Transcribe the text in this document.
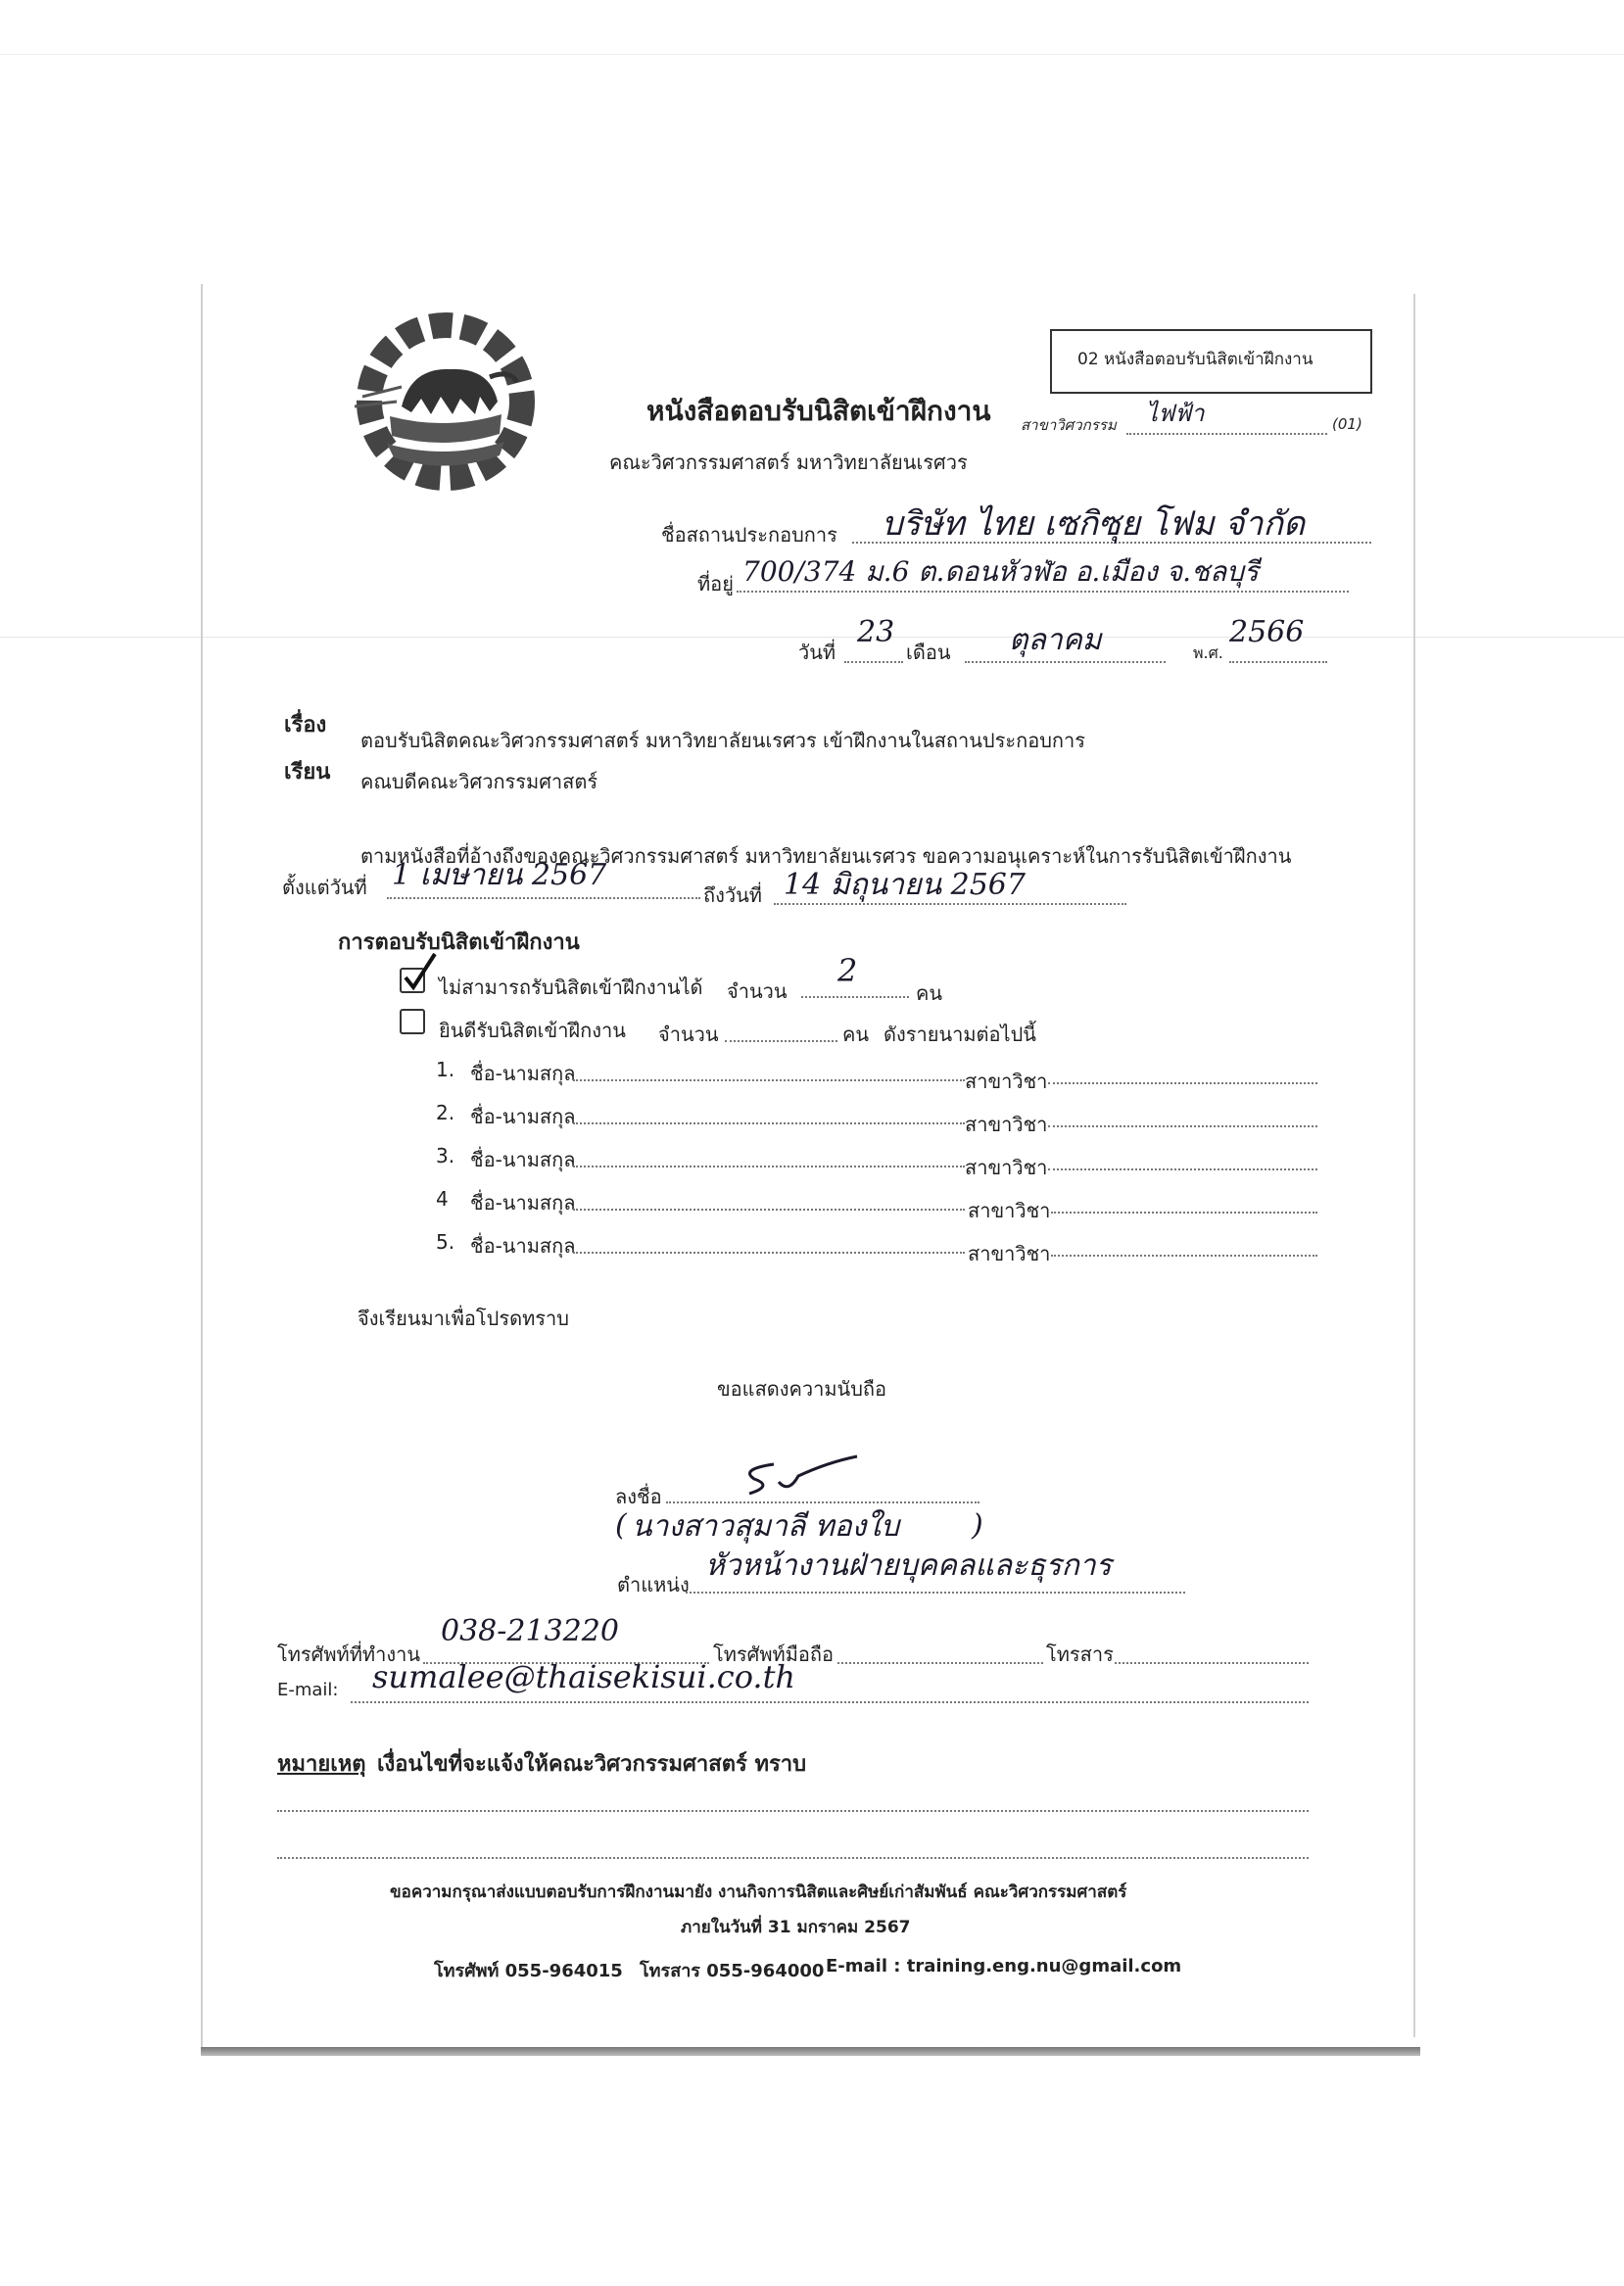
หนังสือตอบรับนิสิตเข้าฝึกงาน
คณะวิศวกรรมศาสตร์ มหาวิทยาลัยนเรศวร
02 หนังสือตอบรับนิสิตเข้าฝึกงาน
สาขาวิศวกรรม ไฟฟ้า	(01)
ชื่อสถานประกอบการ บริษัท ไทย เซกิซุย โฟม จำกัด
ที่อยู่ 700/374 ม.6 ต.ดอนหัวฬ่อ อ.เมือง จ.ชลบุรี
วันที่
23
เดือน ตุลาคม	พ.ศ.
2566
เรื่อง
ตอบรับนิสิตคณะวิศวกรรมศาสตร์ มหาวิทยาลัยนเรศวร เข้าฝึกงานในสถานประกอบการ
เรียน คณบดีคณะวิศวกรรมศาสตร์
ตามหนังสือที่อ้างถึงของคณะวิศวกรรมศาสตร์ มหาวิทยาลัยนเรศวร ขอความอนุเคราะห์ในการรับนิสิตเข้าฝึกงาน
ตั้งแต่วันที่ 1 เมษายน 2567
ถึงวันที่ 14 มิถุนายน 2567
การตอบรับนิสิตเข้าฝึกงาน
ไม่สามารถรับนิสิตเข้าฝึกงานได้ จำนวน
2
คน
ยินดีรับนิสิตเข้าฝึกงาน จำนวน	คน ดังรายนามต่อไปนี้
1. ชื่อ-นามสกุล	สาขาวิชา
2. ชื่อ-นามสกุล	สาขาวิชา
3. ชื่อ-นามสกุล	สาขาวิชา
4 ชื่อ-นามสกุล	สาขาวิชา
5. ชื่อ-นามสกุล	สาขาวิชา
จึงเรียนมาเพื่อโปรดทราบ
ขอแสดงความนับถือ
ลงชื่อ
( นางสาวสุมาลี ทองใบ )
ตำแหน่ง
หัวหน้างานฝ่ายบุคคลและธุรการ
โทรศัพท์ที่ทำงาน
038-213220
โทรศัพท์มือถือ	โทรสาร
E-mail: sumalee@thaisekisui.co.th
หมายเหตุ เงื่อนไขที่จะแจ้งให้คณะวิศวกรรมศาสตร์ ทราบ
ขอความกรุณาส่งแบบตอบรับการฝึกงานมายัง งานกิจการนิสิตและศิษย์เก่าสัมพันธ์ คณะวิศวกรรมศาสตร์
ภายในวันที่ 31 มกราคม 2567
โทรศัพท์ 055-964015 โทรสาร 055-964000 E-mail : training.eng.nu@gmail.com
